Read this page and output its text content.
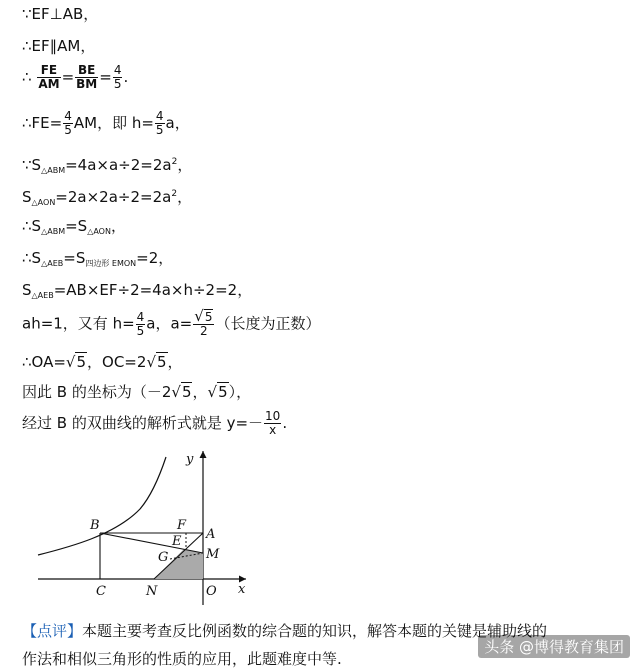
∵EF⊥AB，
∴EF∥AM，
∴ $\frac{FE}{AM} = \frac{BE}{BM} = \frac{4}{5}$ .
∴FE= $\frac{4}{5}$ AM，即 $h= \frac{4}{5}$ a，
$\because S_{\triangle ABM}=4a\times a\div 2=2a^2$，
$S_{\triangle AON}=2a\times 2a\div 2=2a^2$，
$\therefore S_{\triangle ABM}=S_{\triangle AON}$，
$\therefore S_{\triangle AEB}=S_{四边形 EMON}=2$，
$S_{\triangle AEB}=AB\times EF\div 2=4a\times h\div 2=2$，
ah=1，又有 $h= \frac{4}{5}$ a，$a= \frac{√5}{2}$ （长度为正数）
∴OA=√5，OC=2√5，
因此 B 的坐标为（－2√5，√5），
经过 B 的双曲线的解析式就是 $y=- \frac{10}{x}$ .
y
x
B	F
A
E
M
G
C	N	O
【点评】本题主要考查反比例函数的综合题的知识，解答本题的关键是辅助线的
作法和相似三角形的性质的应用，此题难度中等.
头条 @博得教育集团
